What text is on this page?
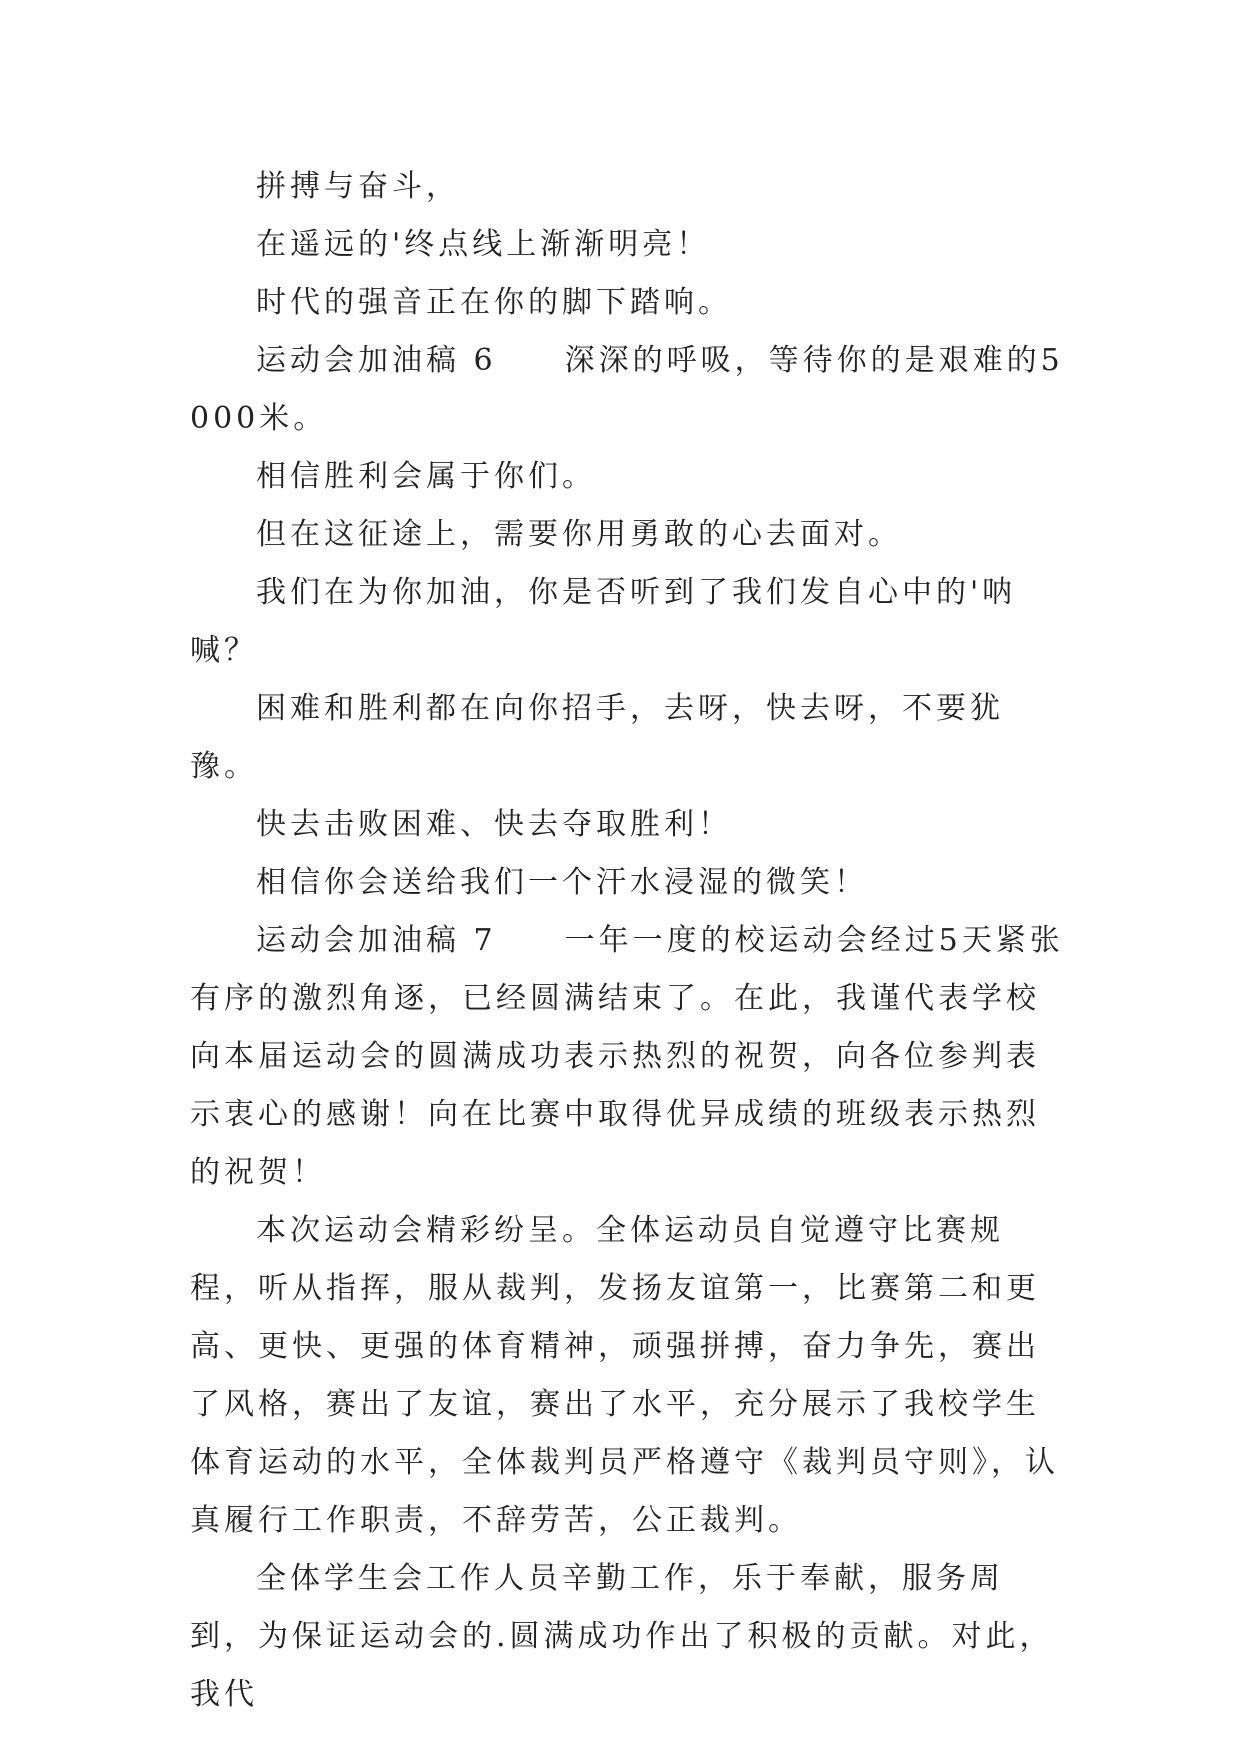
拼搏与奋斗，

在遥远的'终点线上渐渐明亮！

时代的强音正在你的脚下踏响。

运动会加油稿 6　　深深的呼吸，等待你的是艰难的5000米。

相信胜利会属于你们。

但在这征途上，需要你用勇敢的心去面对。

我们在为你加油，你是否听到了我们发自心中的'呐喊？

困难和胜利都在向你招手，去呀，快去呀，不要犹豫。

快去击败困难、快去夺取胜利！

相信你会送给我们一个汗水浸湿的微笑！

运动会加油稿 7　　一年一度的校运动会经过5天紧张有序的激烈角逐，已经圆满结束了。在此，我谨代表学校向本届运动会的圆满成功表示热烈的祝贺，向各位参判表示衷心的感谢！向在比赛中取得优异成绩的班级表示热烈的祝贺！

本次运动会精彩纷呈。全体运动员自觉遵守比赛规程，听从指挥，服从裁判，发扬友谊第一，比赛第二和更高、更快、更强的体育精神，顽强拼搏，奋力争先，赛出了风格，赛出了友谊，赛出了水平，充分展示了我校学生体育运动的水平，全体裁判员严格遵守《裁判员守则》，认真履行工作职责，不辞劳苦，公正裁判。

全体学生会工作人员辛勤工作，乐于奉献，服务周到，为保证运动会的.圆满成功作出了积极的贡献。对此，我代
